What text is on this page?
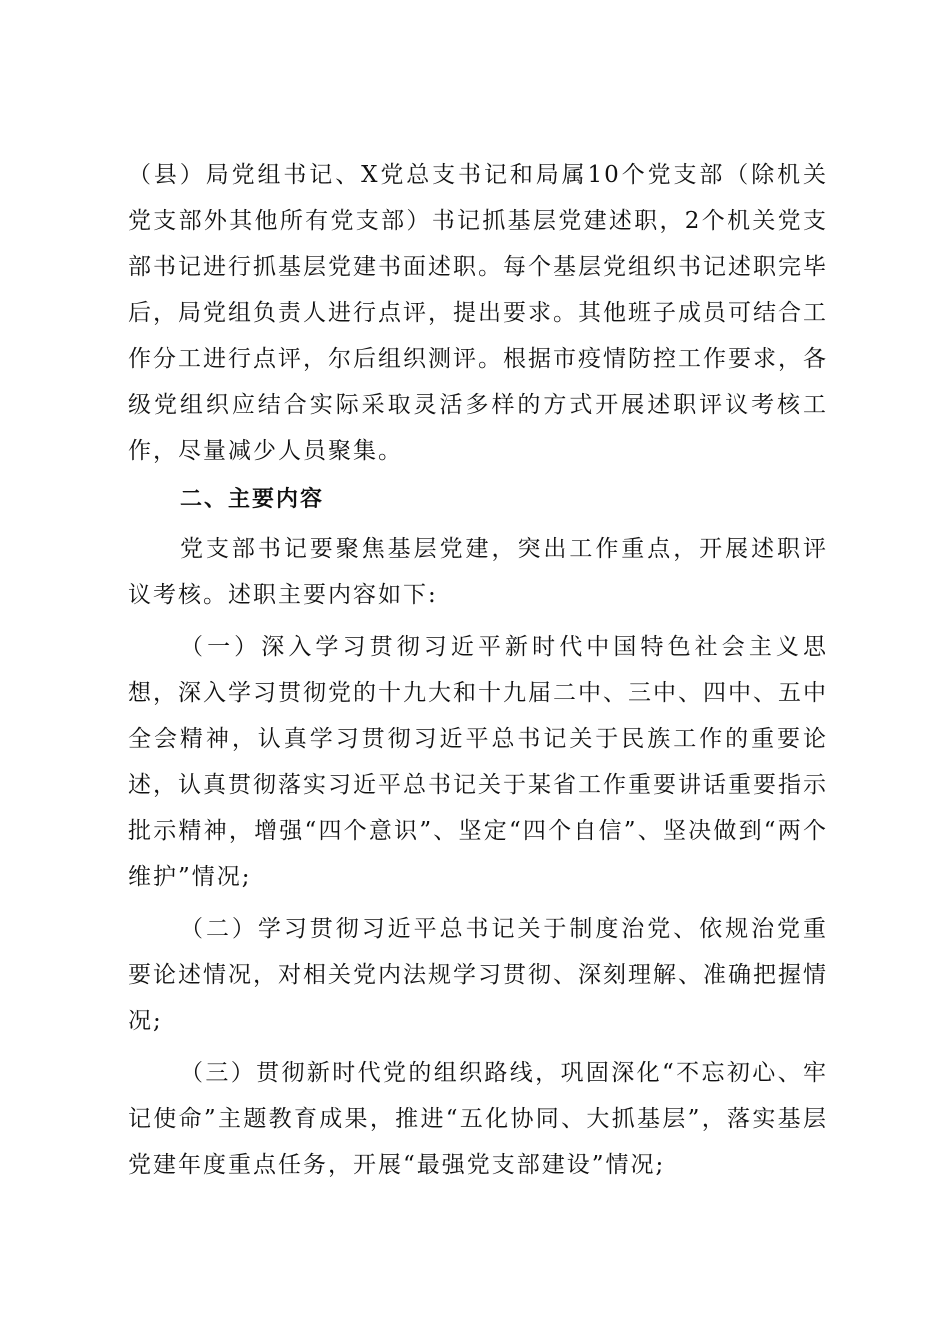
（县）局党组书记、X党总支书记和局属10个党支部（除机关党支部外其他所有党支部）书记抓基层党建述职，2个机关党支部书记进行抓基层党建书面述职。每个基层党组织书记述职完毕后，局党组负责人进行点评，提出要求。其他班子成员可结合工作分工进行点评，尔后组织测评。根据市疫情防控工作要求，各级党组织应结合实际采取灵活多样的方式开展述职评议考核工作，尽量减少人员聚集。

二、主要内容

党支部书记要聚焦基层党建，突出工作重点，开展述职评议考核。述职主要内容如下:

（一）深入学习贯彻习近平新时代中国特色社会主义思想，深入学习贯彻党的十九大和十九届二中、三中、四中、五中全会精神，认真学习贯彻习近平总书记关于民族工作的重要论述，认真贯彻落实习近平总书记关于某省工作重要讲话重要指示批示精神，增强“四个意识”、坚定“四个自信”、坚决做到“两个维护”情况;

（二）学习贯彻习近平总书记关于制度治党、依规治党重要论述情况，对相关党内法规学习贯彻、深刻理解、准确把握情况;

（三）贯彻新时代党的组织路线，巩固深化“不忘初心、牢记使命”主题教育成果，推进“五化协同、大抓基层”，落实基层党建年度重点任务，开展“最强党支部建设”情况;
